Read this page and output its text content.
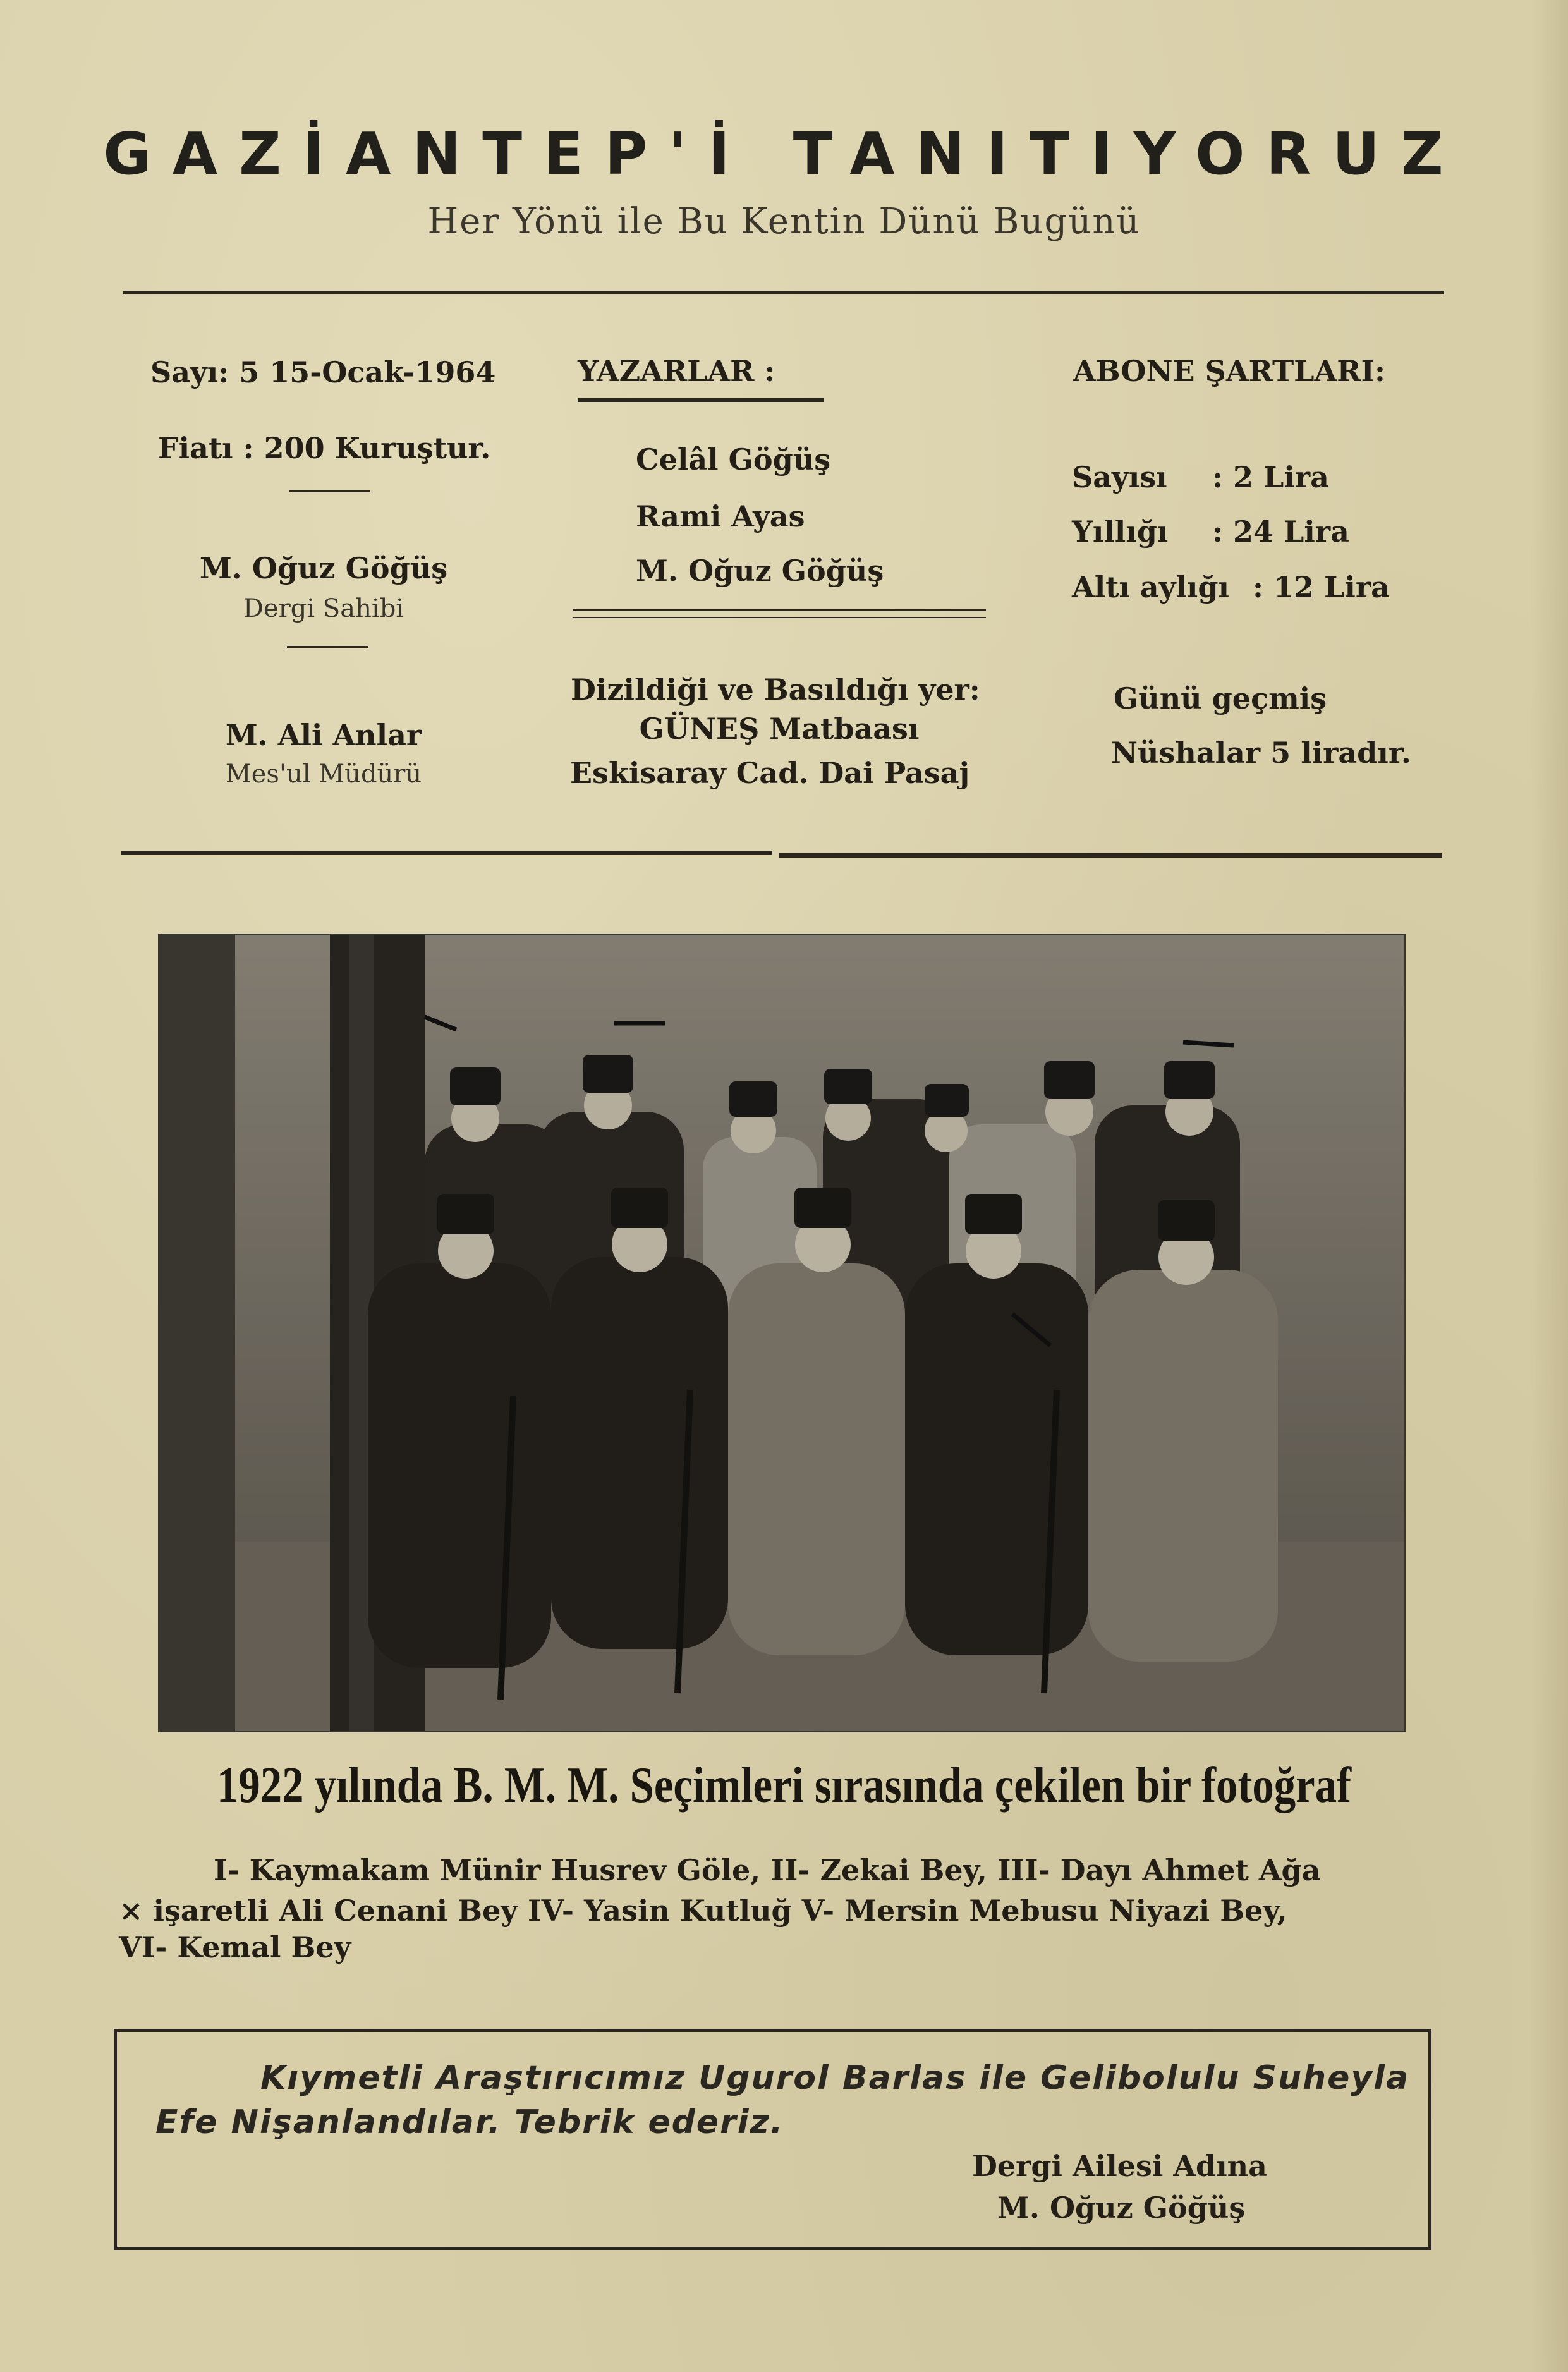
GAZİANTEP'İ TANITIYORUZ
Her Yönü ile Bu Kentin Dünü Bugünü
Sayı: 5 15-Ocak-1964
Fiatı : 200 Kuruştur.
M. Oğuz Göğüş
Dergi Sahibi
M. Ali Anlar
Mes'ul Müdürü
YAZARLAR :
Celâl Göğüş
Rami Ayas
M. Oğuz Göğüş
Dizildiği ve Basıldığı yer:
GÜNEŞ Matbaası
Eskisaray Cad. Dai Pasaj
ABONE ŞARTLARI:
Sayısı : 2 Lira
Yıllığı : 24 Lira
Altı aylığı : 12 Lira
Günü geçmiş
Nüshalar 5 liradır.
1922 yılında B. M. M. Seçimleri sırasında çekilen bir fotoğraf
I- Kaymakam Münir Husrev Göle, II- Zekai Bey, III- Dayı Ahmet Ağa
× işaretli Ali Cenani Bey IV- Yasin Kutluğ V- Mersin Mebusu Niyazi Bey,
VI- Kemal Bey
Kıymetli Araştırıcımız Ugurol Barlas ile Gelibolulu Suheyla
Efe Nişanlandılar. Tebrik ederiz.
Dergi Ailesi Adına
M. Oğuz Göğüş
